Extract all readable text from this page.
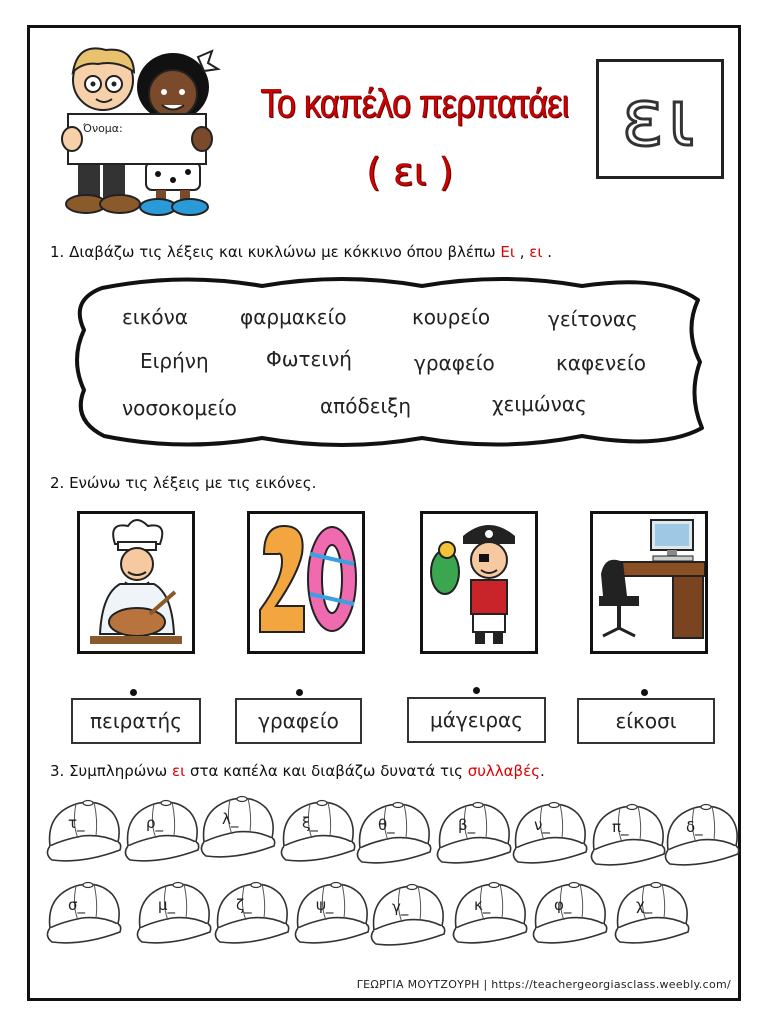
Όνομα:
Το καπέλο περπατάει
( ει )
ει
1. Διαβάζω τις λέξεις και κυκλώνω με κόκκινο όπου βλέπω Ει , ει .
εικόνα	φαρμακείο	κουρείο	γείτονας
Ειρήνη	Φωτεινή	γραφείο	καφενείο
νοσοκομείο	απόδειξη	χειμώνας
2. Ενώνω τις λέξεις με τις εικόνες.
πειρατής	γραφείο	μάγειρας	είκοσι
3. Συμπληρώνω ει στα καπέλα και διαβάζω δυνατά τις συλλαβές.
τ_	ρ_	λ_	ξ_	θ_	β_	ν_	π_	δ_
σ_	μ_	ζ_	ψ_	γ_	κ_	φ_	χ_
ΓΕΩΡΓΙΑ ΜΟΥΤΖΟΥΡΗ | https://teachergeorgiasclass.weebly.com/
